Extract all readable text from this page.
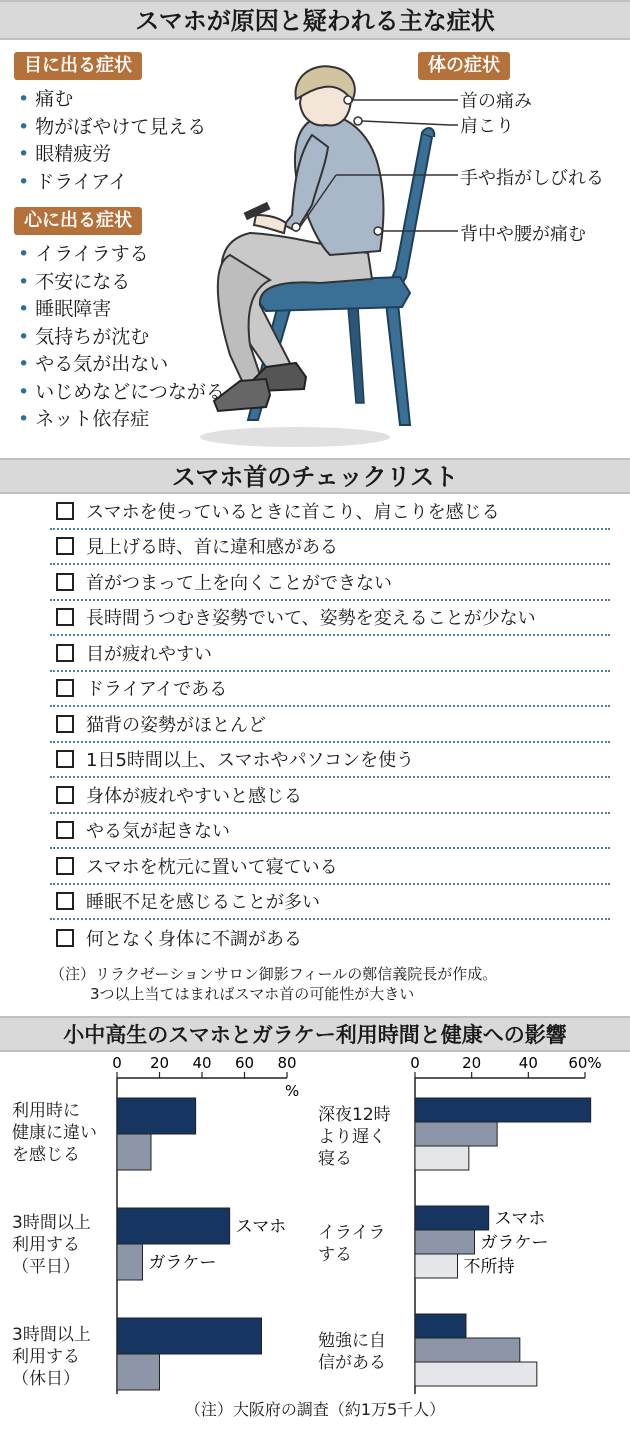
スマホが原因と疑われる主な症状
目に出る症状
• 痛む
• 物がぼやけて見える
• 眼精疲労
• ドライアイ
心に出る症状
• イライラする
• 不安になる
• 睡眠障害
• 気持ちが沈む
• やる気が出ない
• いじめなどにつながる
• ネット依存症
体の症状
首の痛み
肩こり
手や指がしびれる
背中や腰が痛む
スマホ首のチェックリスト
スマホを使っているときに首こり、肩こりを感じる
見上げる時、首に違和感がある
首がつまって上を向くことができない
長時間うつむき姿勢でいて、姿勢を変えることが少ない
目が疲れやすい
ドライアイである
猫背の姿勢がほとんど
1日5時間以上、スマホやパソコンを使う
身体が疲れやすいと感じる
やる気が起きない
スマホを枕元に置いて寝ている
睡眠不足を感じることが多い
何となく身体に不調がある
（注）リラクゼーションサロン御影フィールの鄭信義院長が作成。
3つ以上当てはまればスマホ首の可能性が大きい
小中高生のスマホとガラケー利用時間と健康への影響
利用時に
健康に違い
を感じる
3時間以上
利用する
（平日）
3時間以上
利用する
（休日）
深夜12時
より遅く
寝る
イライラ
する
勉強に自
信がある
0 20 40 60 80
%
スマホ
ガラケー
0	20	40 60%
スマホ
ガラケー
不所持
（注）大阪府の調査（約1万5千人）
